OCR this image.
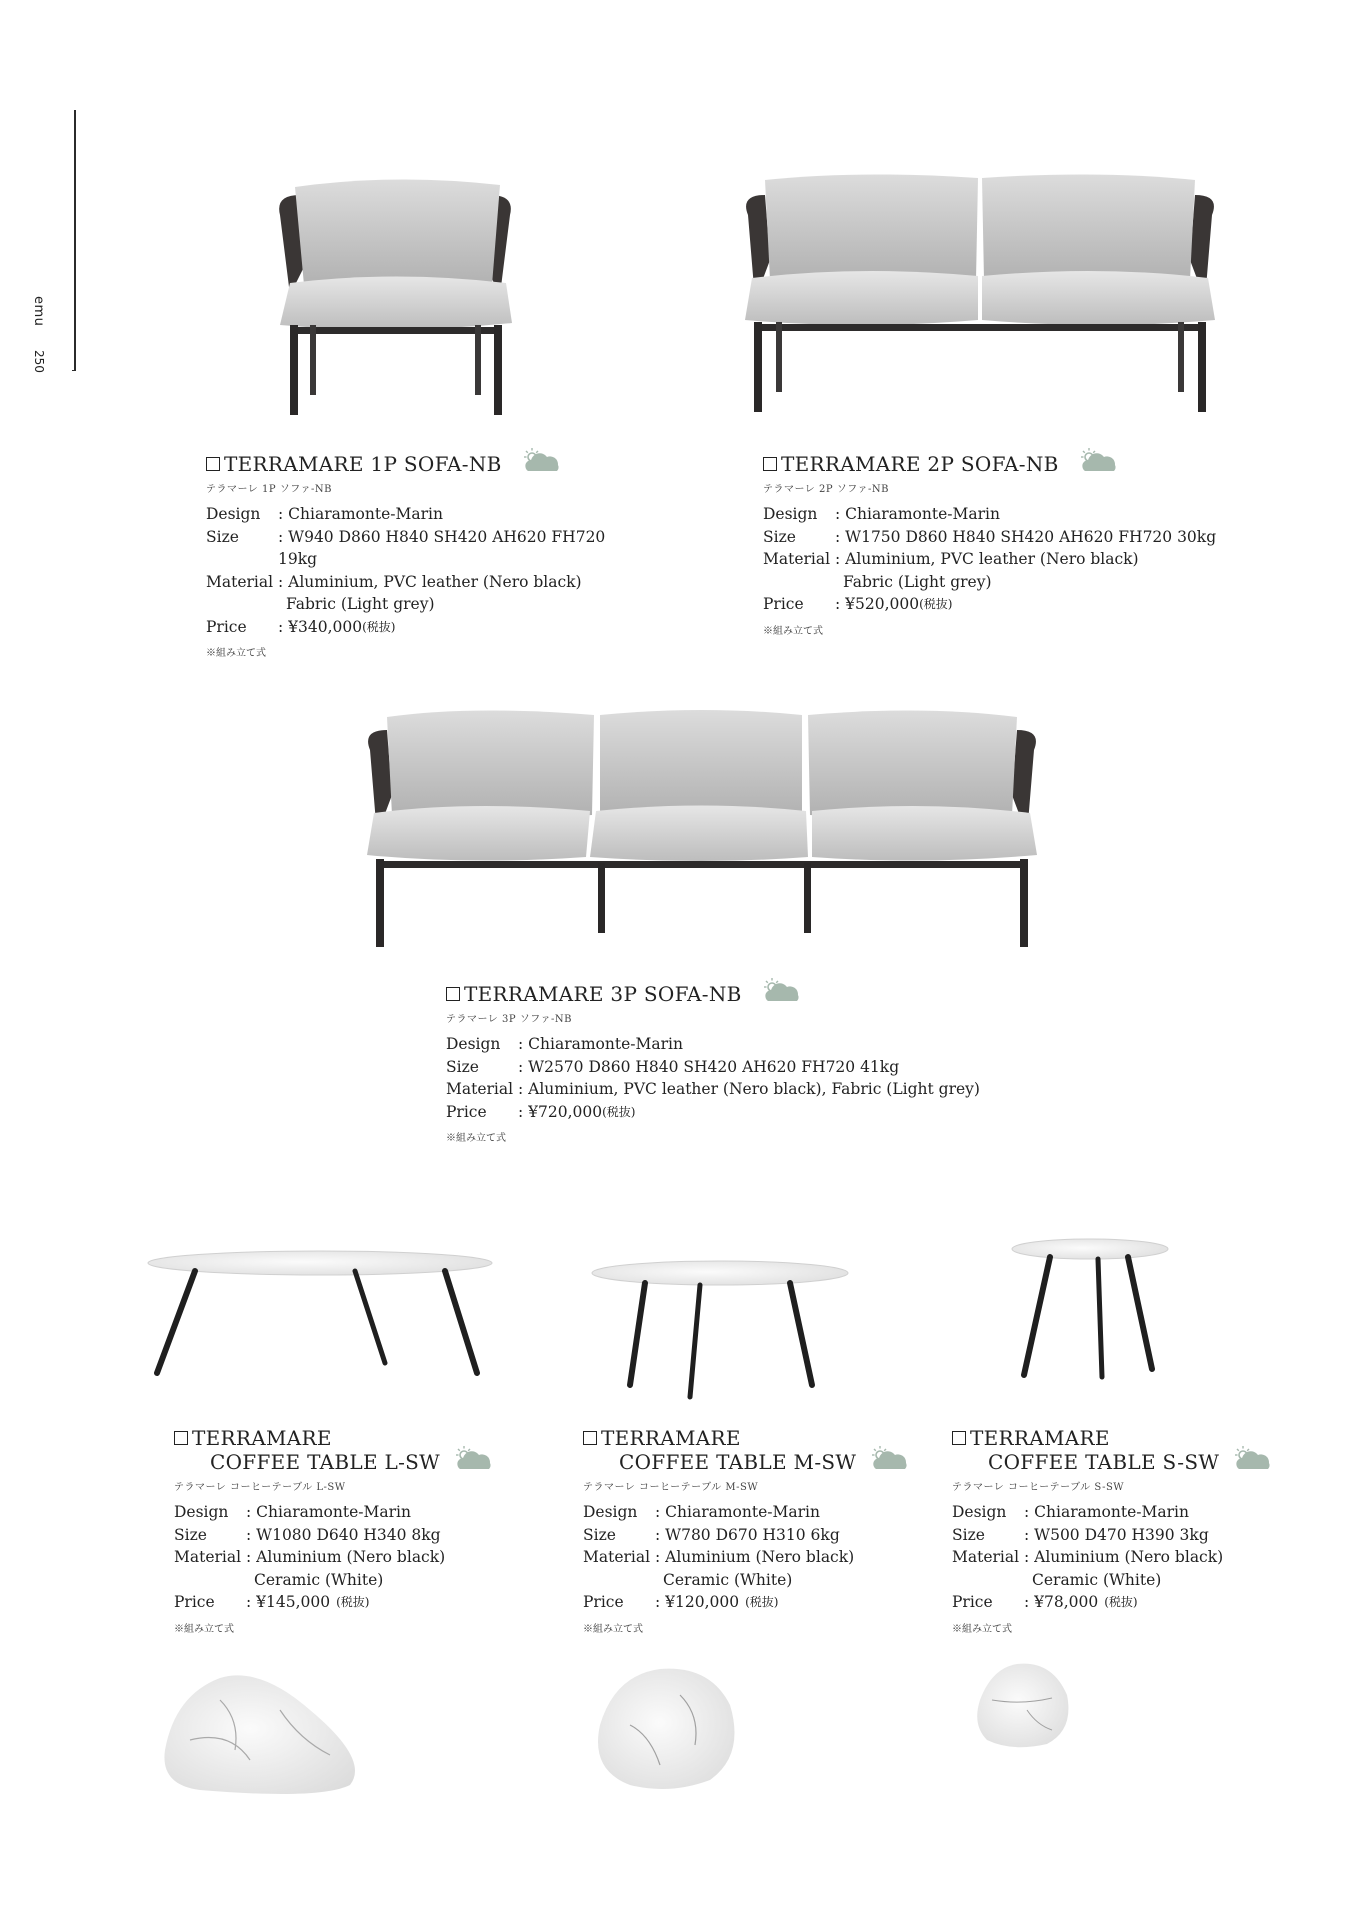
emu
250
TERRAMARE 1P SOFA-NB
テラマーレ 1P ソファ-NB
Design	: Chiaramonte-Marin
Size	: W940 D860 H840 SH420 AH620 FH720 19kg
Material : Aluminium, PVC leather (Nero black)
Fabric (Light grey)
Price	: ¥340,000 (税抜)
※組み立て式
TERRAMARE 2P SOFA-NB
テラマーレ 2P ソファ-NB
Design	: Chiaramonte-Marin
Size	: W1750 D860 H840 SH420 AH620 FH720 30kg
Material : Aluminium, PVC leather (Nero black)
Fabric (Light grey)
Price	: ¥520,000 (税抜)
※組み立て式
TERRAMARE 3P SOFA-NB
テラマーレ 3P ソファ-NB
Design	: Chiaramonte-Marin
Size	: W2570 D860 H840 SH420 AH620 FH720 41kg
Material : Aluminium, PVC leather (Nero black), Fabric (Light grey)
Price	: ¥720,000 (税抜)
※組み立て式
TERRAMARE
COFFEE TABLE L-SW
テラマーレ コーヒーテーブル L-SW
Design	: Chiaramonte-Marin
Size	: W1080 D640 H340 8kg
Material : Aluminium (Nero black)
Ceramic (White)
Price	: ¥145,000 (税抜)
※組み立て式
TERRAMARE
COFFEE TABLE M-SW
テラマーレ コーヒーテーブル M-SW
Design	: Chiaramonte-Marin
Size	: W780 D670 H310 6kg
Material : Aluminium (Nero black)
Ceramic (White)
Price	: ¥120,000 (税抜)
※組み立て式
TERRAMARE
COFFEE TABLE S-SW
テラマーレ コーヒーテーブル S-SW
Design	: Chiaramonte-Marin
Size	: W500 D470 H390 3kg
Material : Aluminium (Nero black)
Ceramic (White)
Price	: ¥78,000 (税抜)
※組み立て式
